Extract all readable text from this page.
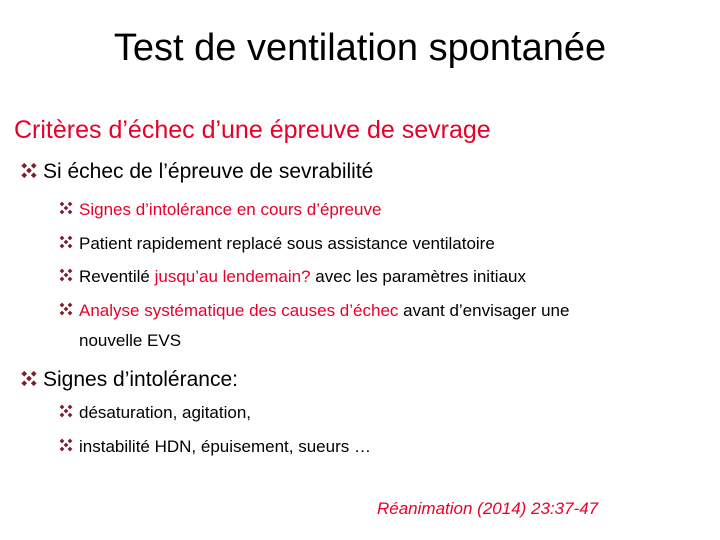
Test de ventilation spontanée
Critères d’échec d’une épreuve de sevrage
Si échec de l’épreuve de sevrabilité
Signes d’intolérance en cours d’épreuve
Patient rapidement replacé sous assistance ventilatoire
Reventilé jusqu’au lendemain? avec les paramètres initiaux
Analyse systématique des causes d’échec avant d’envisager une
nouvelle EVS
Signes d’intolérance:
désaturation, agitation,
instabilité HDN, épuisement, sueurs …
Réanimation (2014) 23:37-47
